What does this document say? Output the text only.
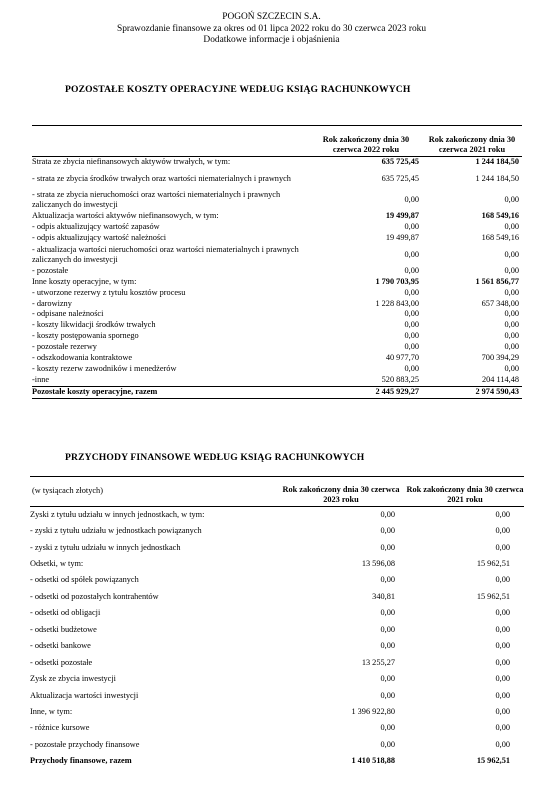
POGOŃ SZCZECIN S.A.
Sprawozdanie finansowe za okres od 01 lipca 2022 roku do 30 czerwca 2023 roku
Dodatkowe informacje i objaśnienia
POZOSTAŁE KOSZTY OPERACYJNE WEDŁUG KSIĄG RACHUNKOWYCH
	Rok zakończony dnia 30 czerwca 2022 roku	Rok zakończony dnia 30 czerwca 2021 roku
Strata ze zbycia niefinansowych aktywów trwałych, w tym:	635 725,45	1 244 184,50
- strata ze zbycia środków trwałych oraz wartości niematerialnych i prawnych	635 725,45	1 244 184,50
- strata ze zbycia nieruchomości oraz wartości niematerialnych i prawnych zaliczanych do inwestycji	0,00	0,00
Aktualizacja wartości aktywów niefinansowych, w tym:	19 499,87	168 549,16
- odpis aktualizujący wartość zapasów	0,00	0,00
- odpis aktualizujący wartość należności	19 499,87	168 549,16
- aktualizacja wartości nieruchomości oraz wartości niematerialnych i prawnych zaliczanych do inwestycji	0,00	0,00
- pozostałe	0,00	0,00
Inne koszty operacyjne, w tym:	1 790 703,95	1 561 856,77
- utworzone rezerwy z tytułu kosztów procesu	0,00	0,00
- darowizny	1 228 843,00	657 348,00
- odpisane należności	0,00	0,00
- koszty likwidacji środków trwałych	0,00	0,00
- koszty postępowania spornego	0,00	0,00
- pozostałe rezerwy	0,00	0,00
- odszkodowania kontraktowe	40 977,70	700 394,29
- koszty rezerw zawodników i menedżerów	0,00	0,00
-inne	520 883,25	204 114,48
Pozostałe koszty operacyjne, razem	2 445 929,27	2 974 590,43
PRZYCHODY FINANSOWE WEDŁUG KSIĄG RACHUNKOWYCH
(w tysiącach złotych)	Rok zakończony dnia 30 czerwca 2023 roku	Rok zakończony dnia 30 czerwca 2021 roku
Zyski z tytułu udziału w innych jednostkach, w tym:	0,00	0,00
- zyski z tytułu udziału w jednostkach powiązanych	0,00	0,00
- zyski z tytułu udziału w innych jednostkach	0,00	0,00
Odsetki, w tym:	13 596,08	15 962,51
- odsetki od spółek powiązanych	0,00	0,00
- odsetki od pozostałych kontrahentów	340,81	15 962,51
- odsetki od obligacji	0,00	0,00
- odsetki budżetowe	0,00	0,00
- odsetki bankowe	0,00	0,00
- odsetki pozostałe	13 255,27	0,00
Zysk ze zbycia inwestycji	0,00	0,00
Aktualizacja wartości inwestycji	0,00	0,00
Inne, w tym:	1 396 922,80	0,00
- różnice kursowe	0,00	0,00
- pozostałe przychody finansowe	0,00	0,00
Przychody finansowe, razem	1 410 518,88	15 962,51
